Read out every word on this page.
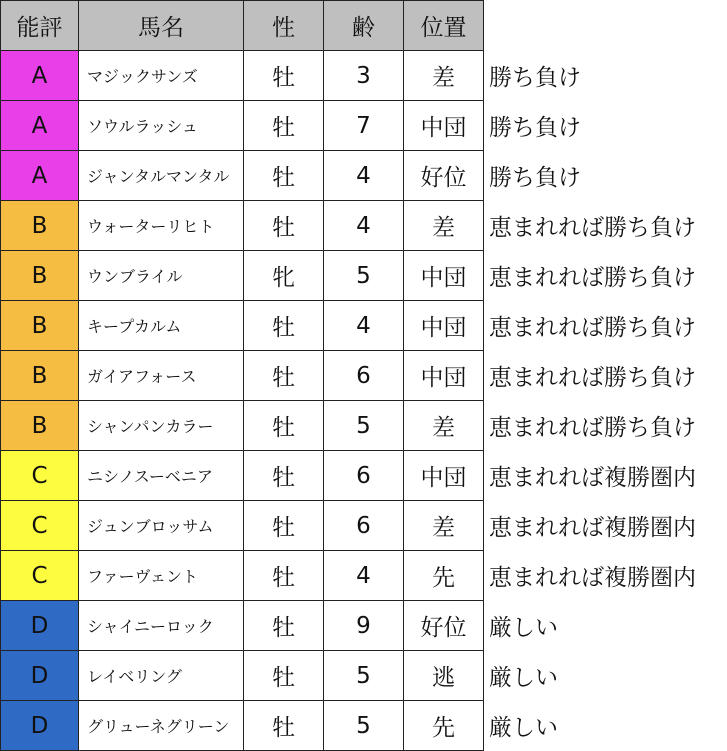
能評	馬名	性	齢	位置	
A	マジックサンズ	牡	3	差	勝ち負け
A	ソウルラッシュ	牡	7	中団	勝ち負け
A	ジャンタルマンタル	牡	4	好位	勝ち負け
B	ウォーターリヒト	牡	4	差	恵まれれば勝ち負け
B	ウンブライル	牝	5	中団	恵まれれば勝ち負け
B	キープカルム	牡	4	中団	恵まれれば勝ち負け
B	ガイアフォース	牡	6	中団	恵まれれば勝ち負け
B	シャンパンカラー	牡	5	差	恵まれれば勝ち負け
C	ニシノスーベニア	牡	6	中団	恵まれれば複勝圏内
C	ジュンブロッサム	牡	6	差	恵まれれば複勝圏内
C	ファーヴェント	牡	4	先	恵まれれば複勝圏内
D	シャイニーロック	牡	9	好位	厳しい
D	レイベリング	牡	5	逃	厳しい
D	グリューネグリーン	牡	5	先	厳しい
